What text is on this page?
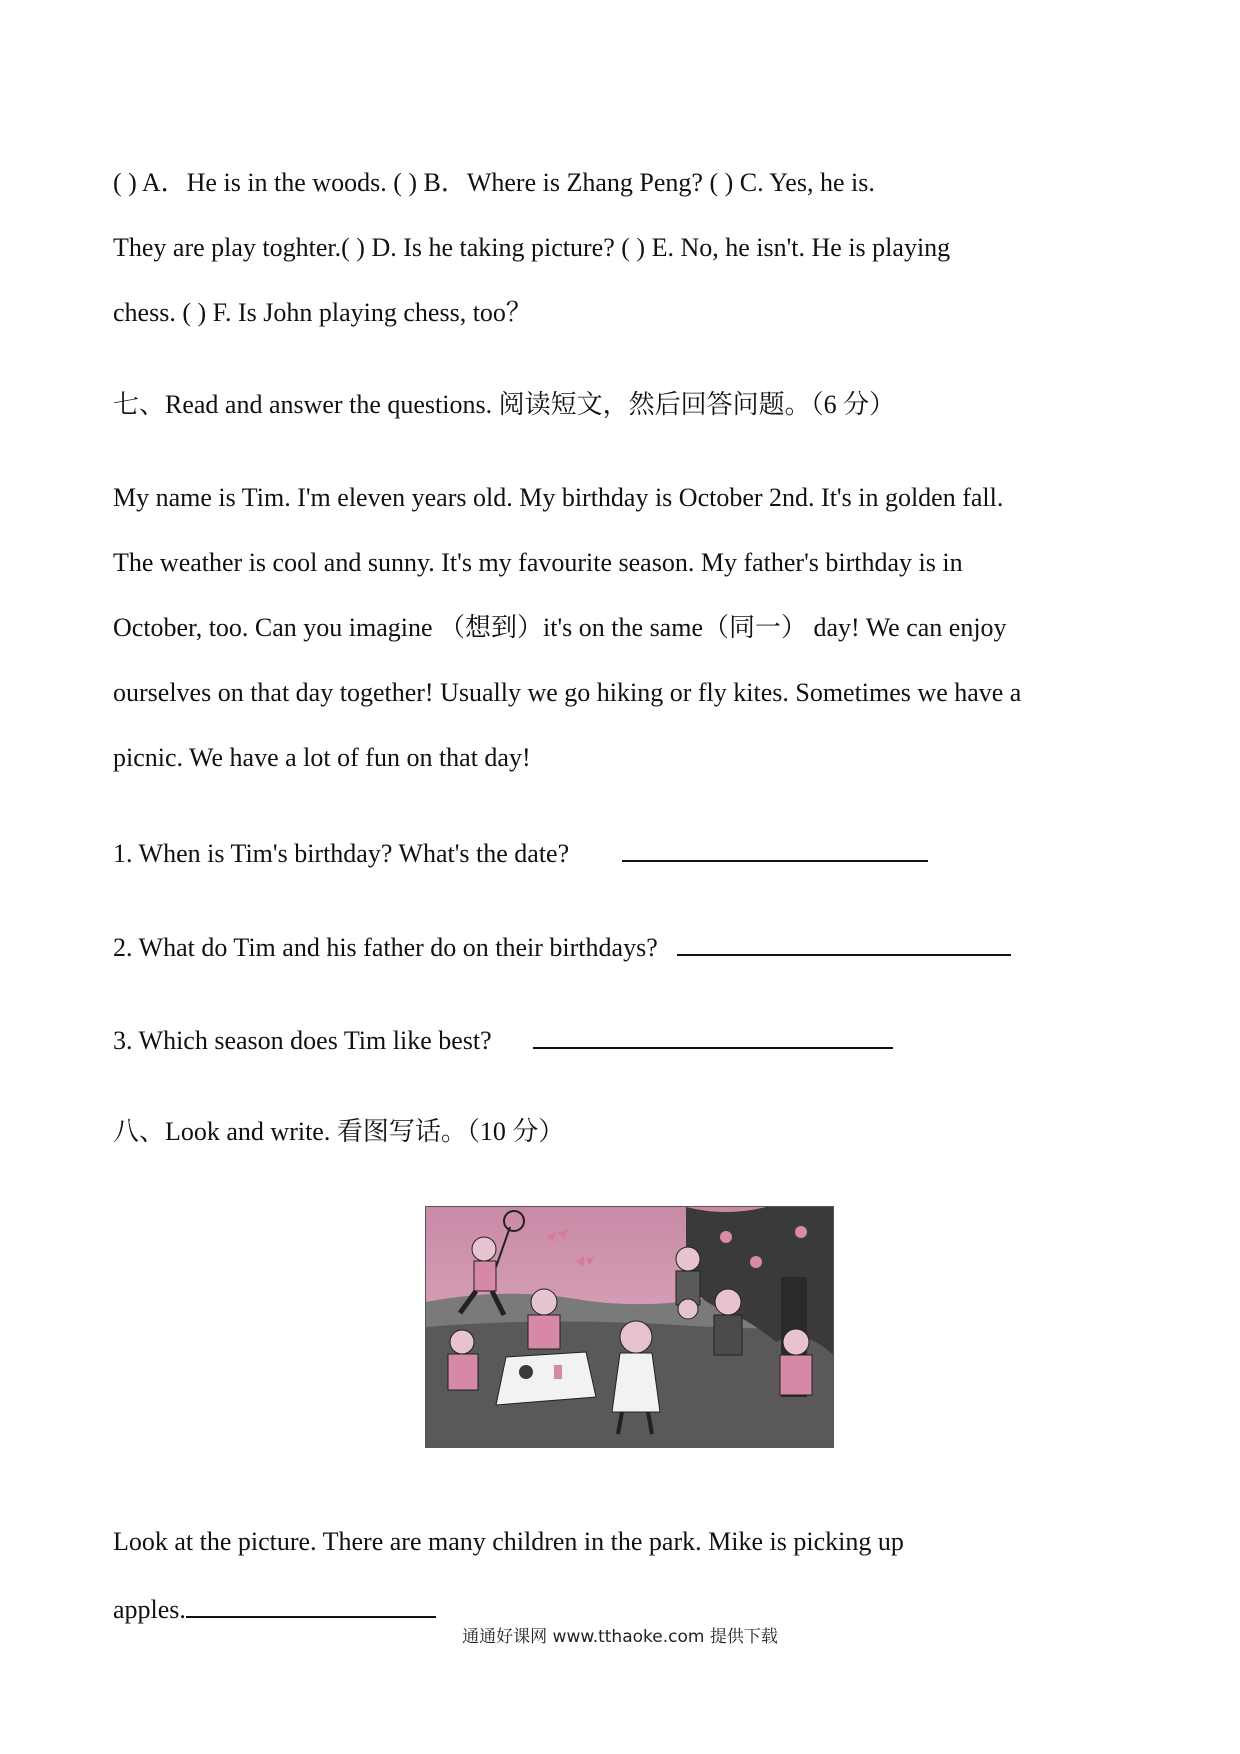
( ) A．He is in the woods. ( ) B．Where is Zhang Peng? ( ) C. Yes, he is.
They are play toghter.( ) D. Is he taking picture? ( ) E. No, he isn't. He is playing
chess. ( ) F. Is John playing chess, too？
七、Read and answer the questions. 阅读短文，然后回答问题。（6 分）
My name is Tim. I'm eleven years old. My birthday is October 2nd. It's in golden fall.
The weather is cool and sunny. It's my favourite season. My father's birthday is in
October, too. Can you imagine （想到）it's on the same（同一） day! We can enjoy
ourselves on that day together! Usually we go hiking or fly kites. Sometimes we have a
picnic. We have a lot of fun on that day!
1. When is Tim's birthday? What's the date?
2. What do Tim and his father do on their birthdays?
3. Which season does Tim like best?
八、Look and write. 看图写话。（10 分）
Look at the picture. There are many children in the park. Mike is picking up
apples.
通通好课网 www.tthaoke.com 提供下载
